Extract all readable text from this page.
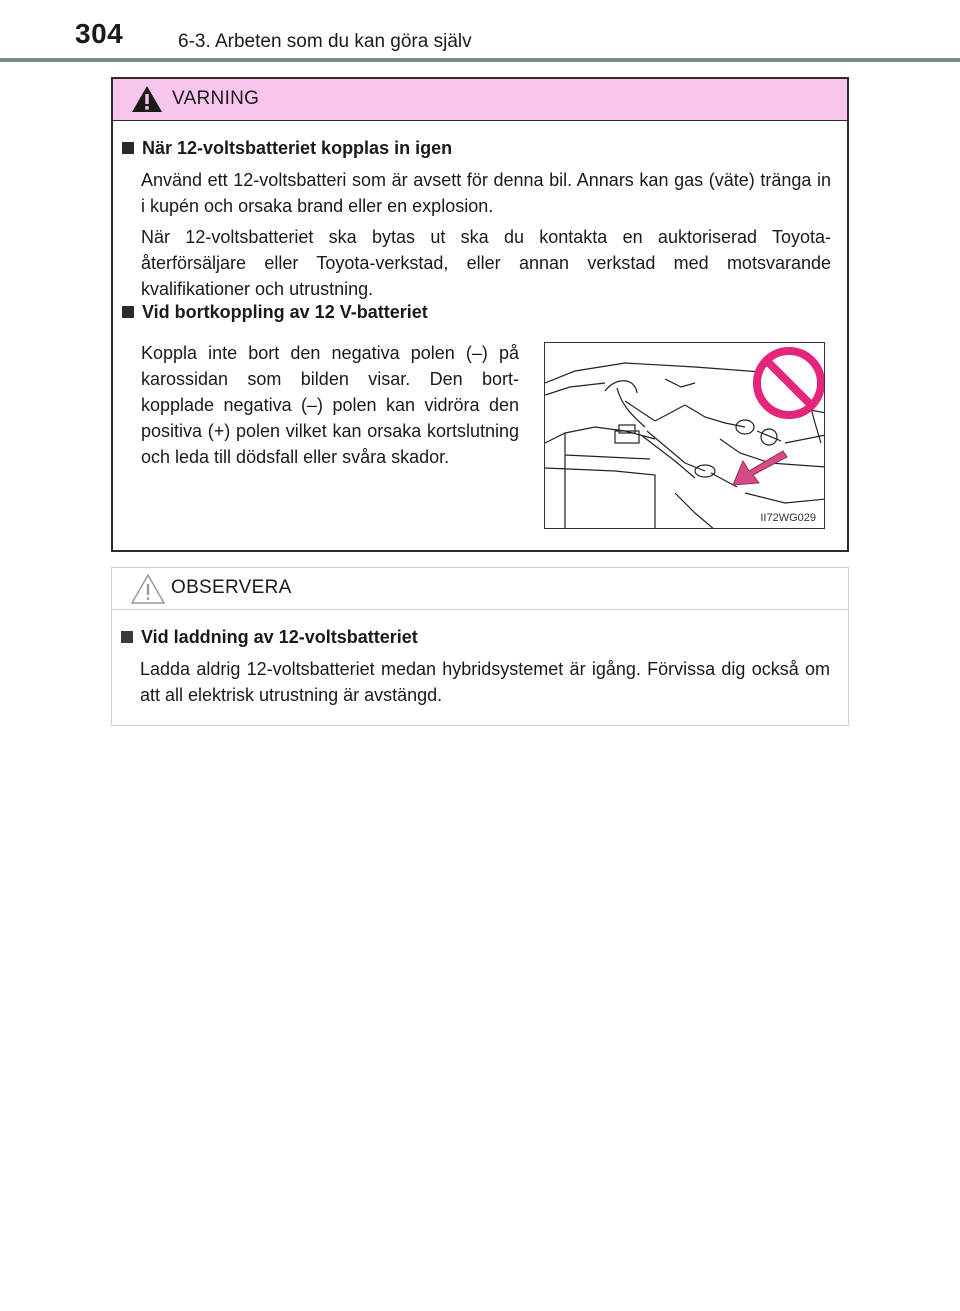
304	6-3. Arbeten som du kan göra själv
VARNING
När 12-voltsbatteriet kopplas in igen

Använd ett 12-voltsbatteri som är avsett för denna bil. Annars kan gas (väte) tränga in i kupén och orsaka brand eller en explosion.

När 12-voltsbatteriet ska bytas ut ska du kontakta en auktoriserad Toyota-återförsäljare eller Toyota-verkstad, eller annan verkstad med motsvarande kvalifikationer och utrustning.

Vid bortkoppling av 12 V-batteriet

Koppla inte bort den negativa polen (–) på karossidan som bilden visar. Den bort-kopplade negativa (–) polen kan vidröra den positiva (+) polen vilket kan orsaka kortslutning och leda till dödsfall eller svåra skador.

II72WG029
OBSERVERA
Vid laddning av 12-voltsbatteriet

Ladda aldrig 12-voltsbatteriet medan hybridsystemet är igång. Förvissa dig också om att all elektrisk utrustning är avstängd.
